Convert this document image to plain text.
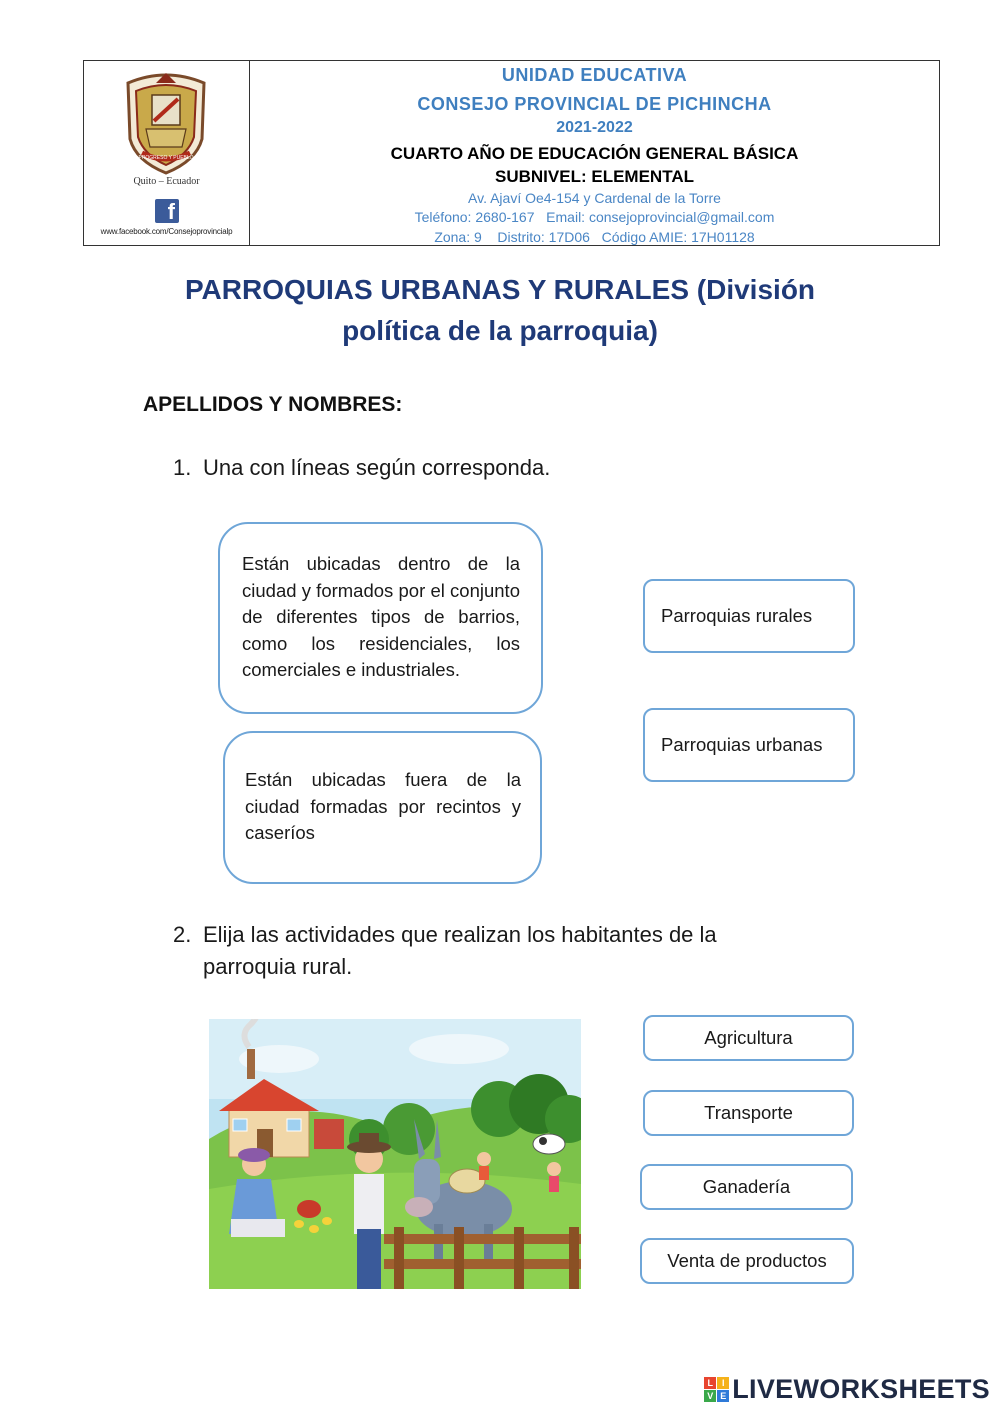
PROGRESO Y PUEBLO
Quito – Ecuador
f
www.facebook.com/Consejoprovincialp
UNIDAD EDUCATIVA
CONSEJO PROVINCIAL DE PICHINCHA
2021-2022
CUARTO AÑO DE EDUCACIÓN GENERAL BÁSICA
SUBNIVEL: ELEMENTAL
Av. Ajaví Oe4-154 y Cardenal de la Torre
Teléfono: 2680-167   Email: consejoprovincial@gmail.com
Zona: 9    Distrito: 17D06   Código AMIE: 17H01128
PARROQUIAS URBANAS Y RURALES (División
política de la parroquia)
APELLIDOS Y NOMBRES:
1. Una con líneas según corresponda.
Están ubicadas dentro de la ciudad y formados por el conjunto de diferentes tipos de barrios, como los residenciales, los comerciales e industriales.
Están ubicadas fuera de la ciudad formadas por recintos y caseríos
Parroquias rurales
Parroquias urbanas
2. Elija las actividades que realizan los habitantes de la
parroquia rural.
Agricultura
Transporte
Ganadería
Venta de productos
L I
V E LIVEWORKSHEETS
